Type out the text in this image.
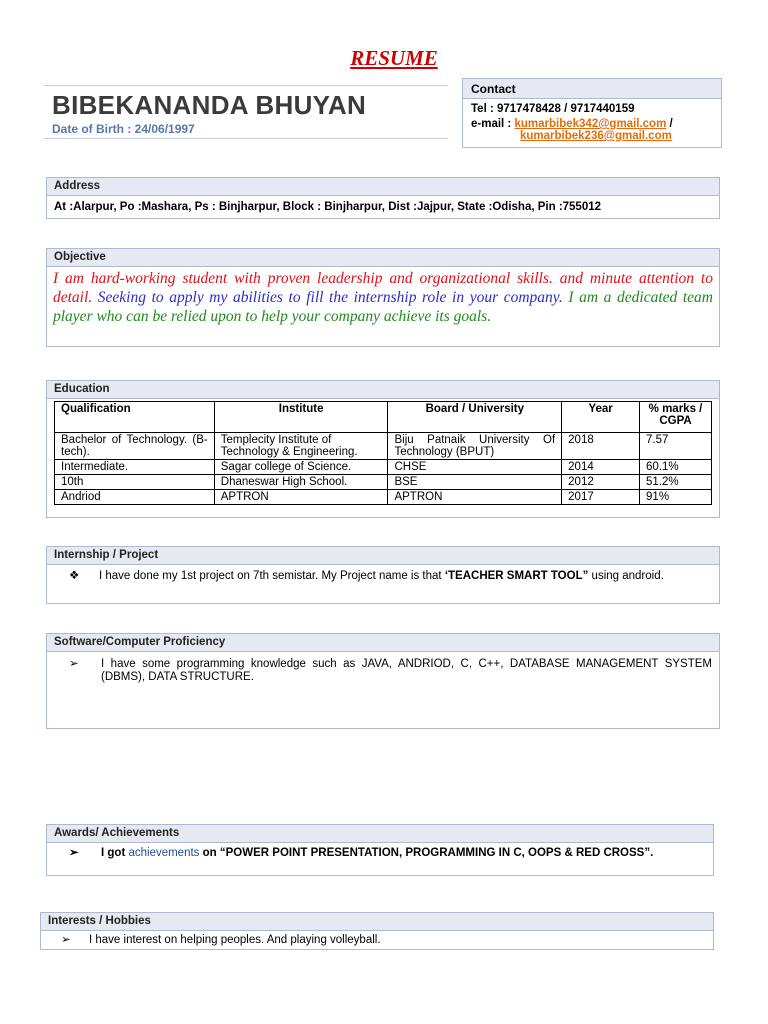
RESUME
BIBEKANANDA BHUYAN
Date of Birth : 24/06/1997
Contact
Tel : 9717478428 / 9717440159
e-mail : kumarbibek342@gmail.com /
kumarbibek236@gmail.com
Address
At :Alarpur, Po :Mashara, Ps : Binjharpur, Block : Binjharpur, Dist :Jajpur, State :Odisha, Pin :755012
Objective
I am hard-working student with proven leadership and organizational skills. and minute attention to detail. Seeking to apply my abilities to fill the internship role in your company. I am a dedicated team player who can be relied upon to help your company achieve its goals.
Education
Qualification	Institute	Board / University	Year	% marks / CGPA
Bachelor of Technology. (B-tech).	Templecity Institute of Technology & Engineering.	Biju Patnaik University Of Technology (BPUT)	2018	7.57
Intermediate.	Sagar college of Science.	CHSE	2014	60.1%
10th	Dhaneswar High School.	BSE	2012	51.2%
Andriod	APTRON	APTRON	2017	91%
Internship / Project
❖	I have done my 1st project on 7th semistar. My Project name is that ‘TEACHER SMART TOOL” using android.
Software/Computer Proficiency
➢	I have some programming knowledge such as JAVA, ANDRIOD, C, C++, DATABASE MANAGEMENT SYSTEM (DBMS), DATA STRUCTURE.
Awards/ Achievements
➢	I got achievements on “POWER POINT PRESENTATION, PROGRAMMING IN C, OOPS & RED CROSS”.
Interests / Hobbies
➢	I have interest on helping peoples. And playing volleyball.
